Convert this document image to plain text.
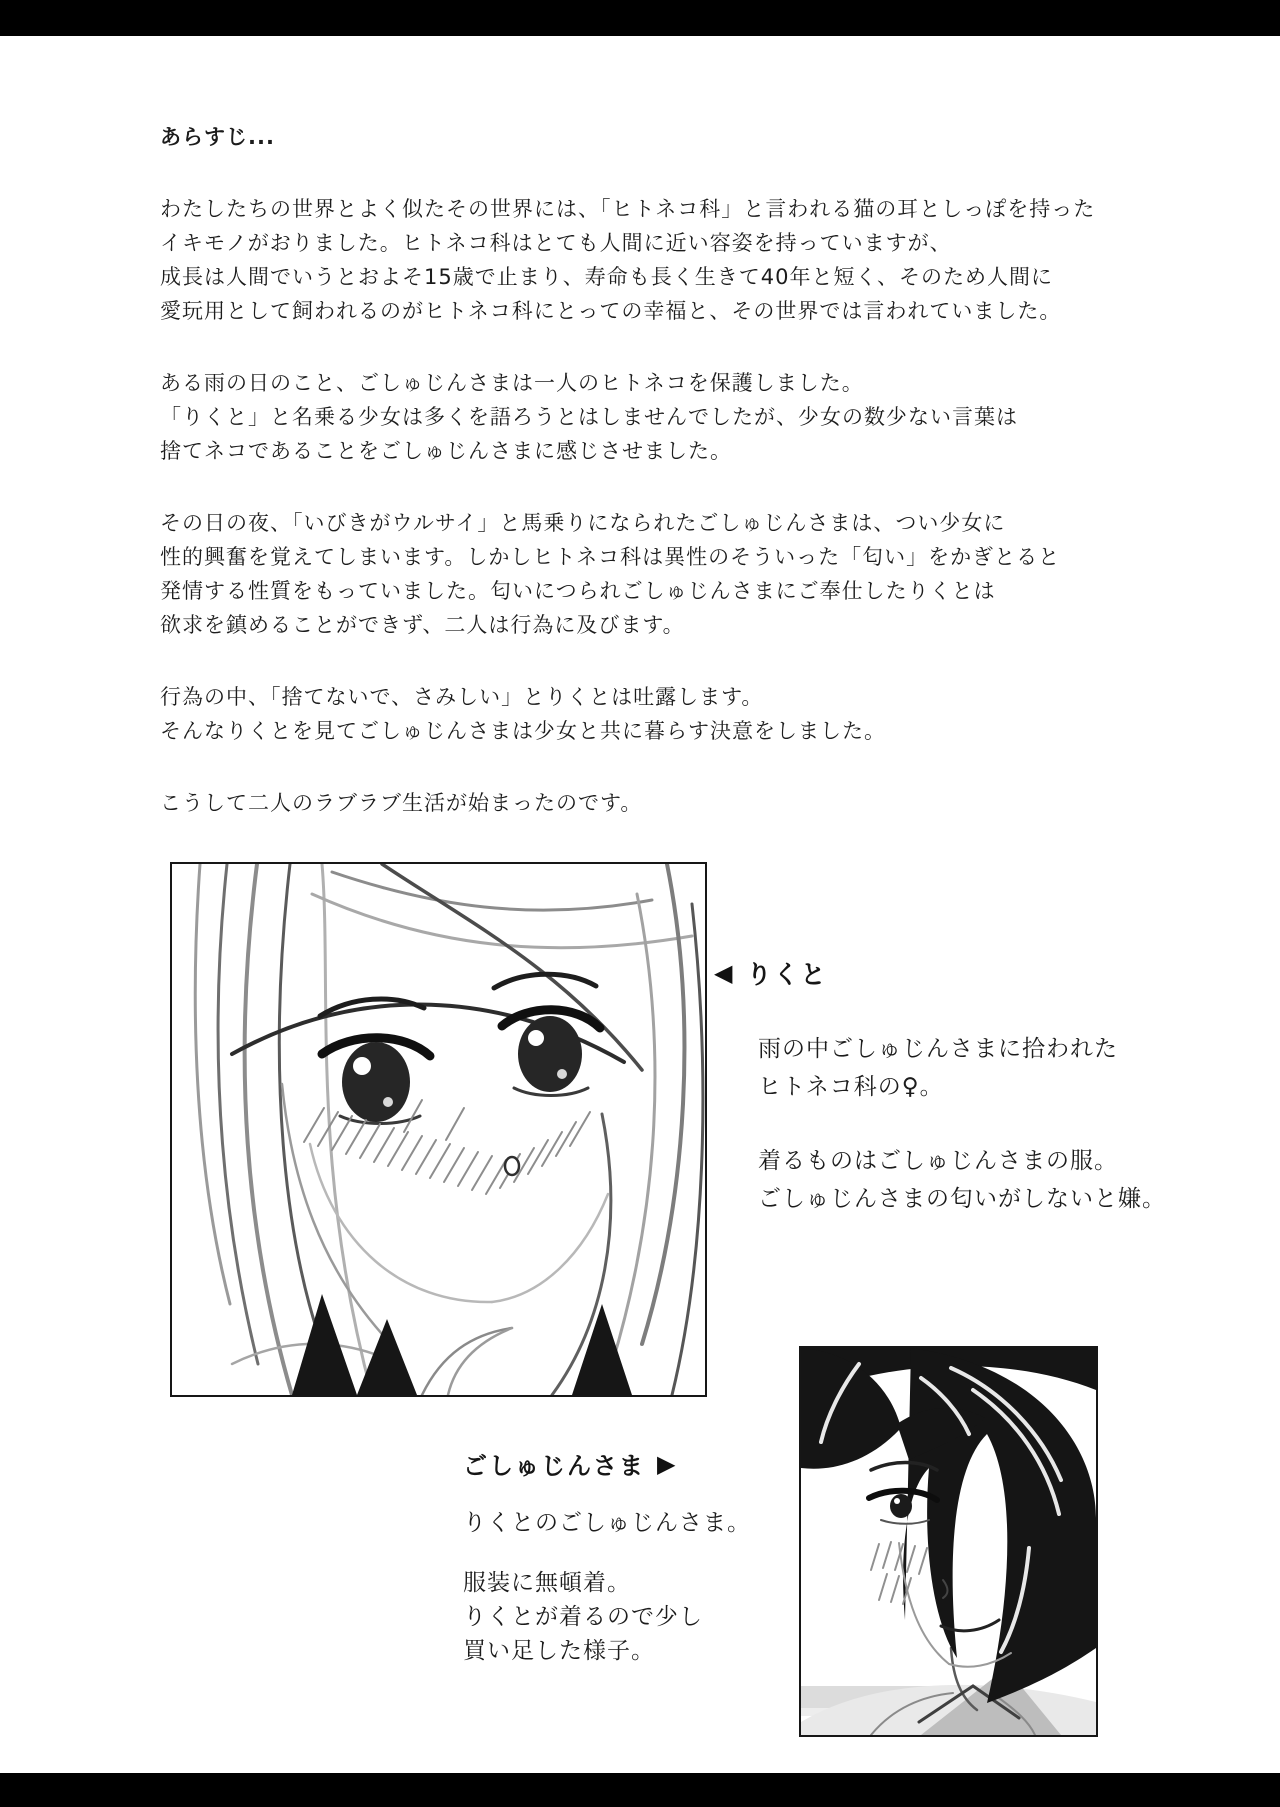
あらすじ...
わたしたちの世界とよく似たその世界には、「ヒトネコ科」と言われる猫の耳としっぽを持った
イキモノがおりました。ヒトネコ科はとても人間に近い容姿を持っていますが、
成長は人間でいうとおよそ15歳で止まり、寿命も長く生きて40年と短く、そのため人間に
愛玩用として飼われるのがヒトネコ科にとっての幸福と、その世界では言われていました。
ある雨の日のこと、ごしゅじんさまは一人のヒトネコを保護しました。
「りくと」と名乗る少女は多くを語ろうとはしませんでしたが、少女の数少ない言葉は
捨てネコであることをごしゅじんさまに感じさせました。
その日の夜、「いびきがウルサイ」と馬乗りになられたごしゅじんさまは、つい少女に
性的興奮を覚えてしまいます。しかしヒトネコ科は異性のそういった「匂い」をかぎとると
発情する性質をもっていました。匂いにつられごしゅじんさまにご奉仕したりくとは
欲求を鎮めることができず、二人は行為に及びます。
行為の中、「捨てないで、さみしい」とりくとは吐露します。
そんなりくとを見てごしゅじんさまは少女と共に暮らす決意をしました。
こうして二人のラブラブ生活が始まったのです。
◀ りくと
雨の中ごしゅじんさまに拾われた
ヒトネコ科の♀。
着るものはごしゅじんさまの服。
ごしゅじんさまの匂いがしないと嫌。
ごしゅじんさま ▶
りくとのごしゅじんさま。
服装に無頓着。
りくとが着るので少し
買い足した様子。
